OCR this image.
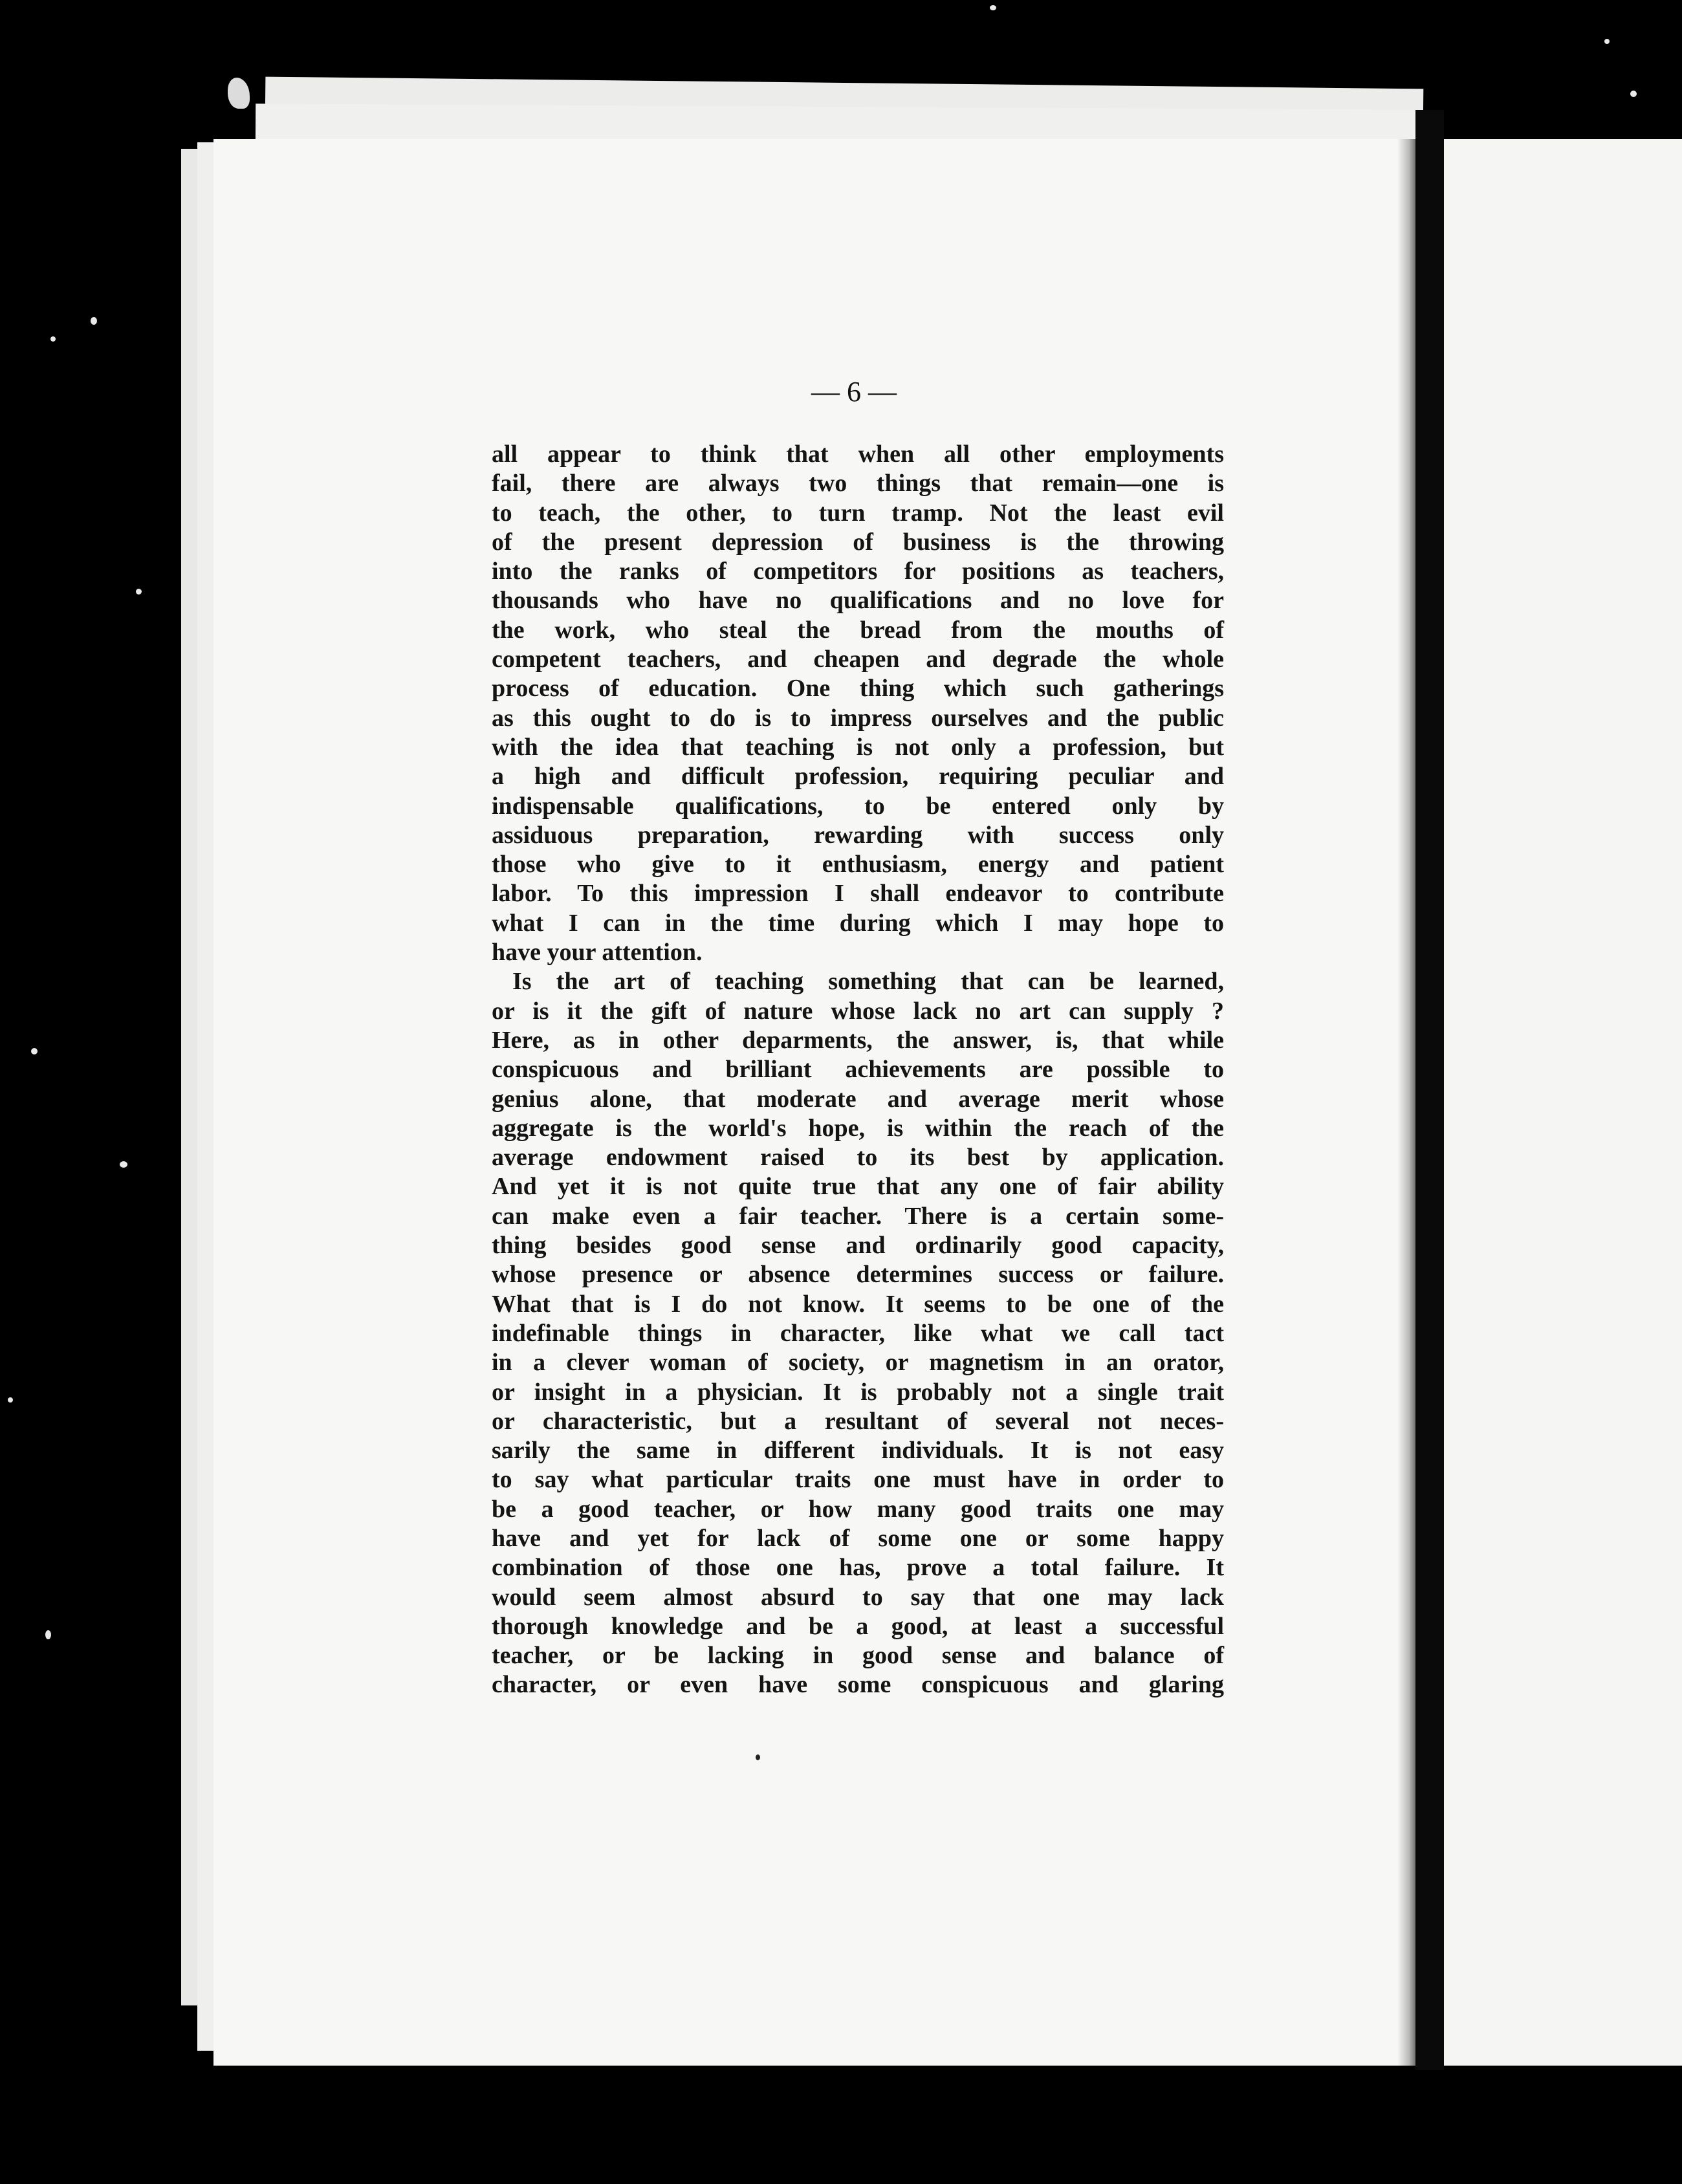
— 6 —
all appear to think that when all other employments
fail, there are always two things that remain—one is
to teach, the other, to turn tramp. Not the least evil
of the present depression of business is the throwing
into the ranks of competitors for positions as teachers,
thousands who have no qualifications and no love for
the work, who steal the bread from the mouths of
competent teachers, and cheapen and degrade the whole
process of education. One thing which such gatherings
as this ought to do is to impress ourselves and the public
with the idea that teaching is not only a profession, but
a high and difficult profession, requiring peculiar and
indispensable qualifications, to be entered only by
assiduous preparation, rewarding with success only
those who give to it enthusiasm, energy and patient
labor. To this impression I shall endeavor to contribute
what I can in the time during which I may hope to
have your attention.
Is the art of teaching something that can be learned,
or is it the gift of nature whose lack no art can supply ?
Here, as in other deparments, the answer, is, that while
conspicuous and brilliant achievements are possible to
genius alone, that moderate and average merit whose
aggregate is the world's hope, is within the reach of the
average endowment raised to its best by application.
And yet it is not quite true that any one of fair ability
can make even a fair teacher. There is a certain some-
thing besides good sense and ordinarily good capacity,
whose presence or absence determines success or failure.
What that is I do not know. It seems to be one of the
indefinable things in character, like what we call tact
in a clever woman of society, or magnetism in an orator,
or insight in a physician. It is probably not a single trait
or characteristic, but a resultant of several not neces-
sarily the same in different individuals. It is not easy
to say what particular traits one must have in order to
be a good teacher, or how many good traits one may
have and yet for lack of some one or some happy
combination of those one has, prove a total failure. It
would seem almost absurd to say that one may lack
thorough knowledge and be a good, at least a successful
teacher, or be lacking in good sense and balance of
character, or even have some conspicuous and glaring
